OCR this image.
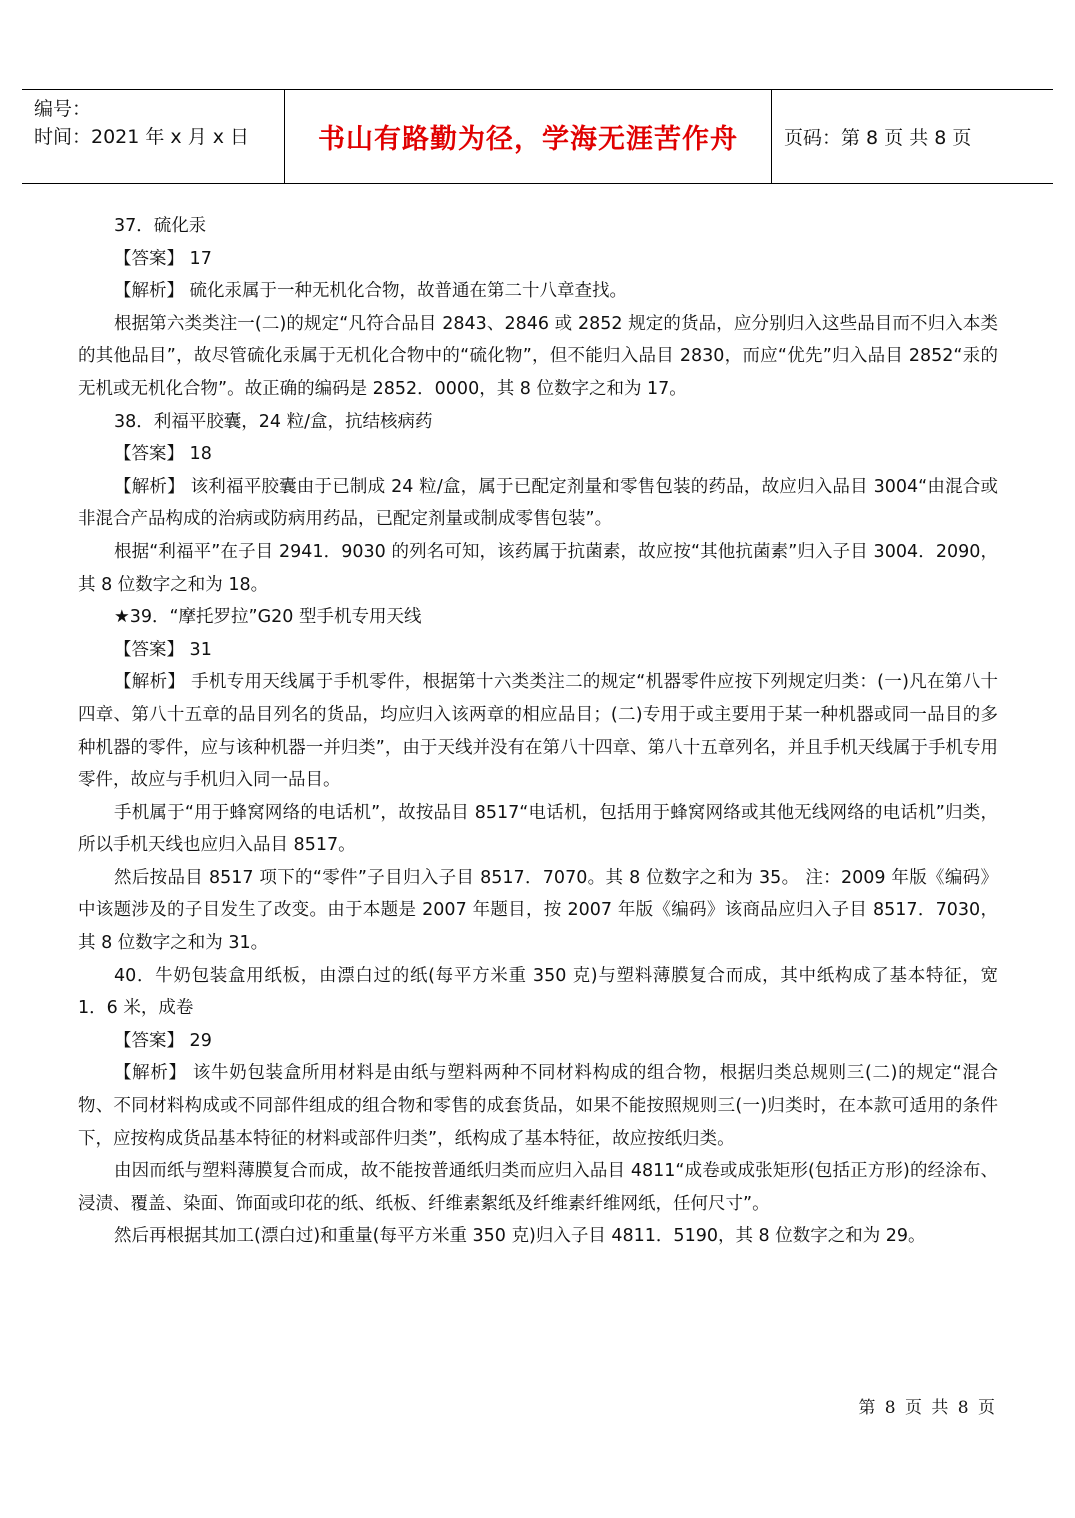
编号：
时间：2021 年 x 月 x 日	书山有路勤为径，学海无涯苦作舟 页码：第 8 页 共 8 页

37．硫化汞

【答案】 17

【解析】 硫化汞属于一种无机化合物，故普通在第二十八章查找。

根据第六类类注一(二)的规定“凡符合品目 2843、2846 或 2852 规定的货品，应分别归入这些品目而不归入本类的其他品目”，故尽管硫化汞属于无机化合物中的“硫化物”，但不能归入品目 2830，而应“优先”归入品目 2852“汞的无机或无机化合物”。故正确的编码是 2852．0000，其 8 位数字之和为 17。

38．利福平胶囊，24 粒/盒，抗结核病药

【答案】 18

【解析】 该利福平胶囊由于已制成 24 粒/盒，属于已配定剂量和零售包装的药品，故应归入品目 3004“由混合或非混合产品构成的治病或防病用药品，已配定剂量或制成零售包装”。

根据“利福平”在子目 2941．9030 的列名可知，该药属于抗菌素，故应按“其他抗菌素”归入子目 3004．2090，其 8 位数字之和为 18。

★39．“摩托罗拉”G20 型手机专用天线

【答案】 31

【解析】 手机专用天线属于手机零件，根据第十六类类注二的规定“机器零件应按下列规定归类：(一)凡在第八十四章、第八十五章的品目列名的货品，均应归入该两章的相应品目；(二)专用于或主要用于某一种机器或同一品目的多种机器的零件，应与该种机器一并归类”，由于天线并没有在第八十四章、第八十五章列名，并且手机天线属于手机专用零件，故应与手机归入同一品目。

手机属于“用于蜂窝网络的电话机”，故按品目 8517“电话机，包括用于蜂窝网络或其他无线网络的电话机”归类，所以手机天线也应归入品目 8517。

然后按品目 8517 项下的“零件”子目归入子目 8517．7070。其 8 位数字之和为 35。 注：2009 年版《编码》中该题涉及的子目发生了改变。由于本题是 2007 年题目，按 2007 年版《编码》该商品应归入子目 8517．7030，其 8 位数字之和为 31。

40．牛奶包装盒用纸板，由漂白过的纸(每平方米重 350 克)与塑料薄膜复合而成，其中纸构成了基本特征，宽 1．6 米，成卷

【答案】 29

【解析】 该牛奶包装盒所用材料是由纸与塑料两种不同材料构成的组合物，根据归类总规则三(二)的规定“混合物、不同材料构成或不同部件组成的组合物和零售的成套货品，如果不能按照规则三(一)归类时，在本款可适用的条件下，应按构成货品基本特征的材料或部件归类”，纸构成了基本特征，故应按纸归类。

由因而纸与塑料薄膜复合而成，故不能按普通纸归类而应归入品目 4811“成卷或成张矩形(包括正方形)的经涂布、浸渍、覆盖、染面、饰面或印花的纸、纸板、纤维素絮纸及纤维素纤维网纸，任何尺寸”。

然后再根据其加工(漂白过)和重量(每平方米重 350 克)归入子目 4811．5190，其 8 位数字之和为 29。

第 8 页 共 8 页
